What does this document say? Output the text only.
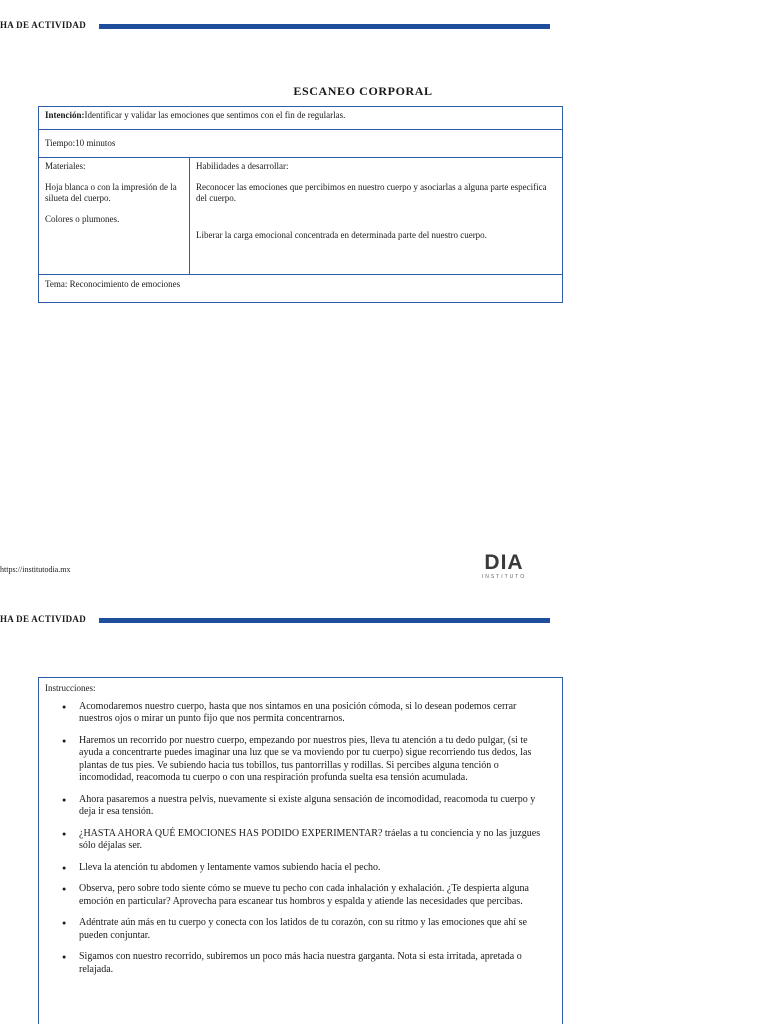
HA DE ACTIVIDAD
ESCANEO CORPORAL
Intención:Identificar y validar las emociones que sentimos con el fin de regularlas.
Tiempo:10 minutos
Materiales:

Hoja blanca o con la impresión de la silueta del cuerpo.

Colores o plumones.

Habilidades a desarrollar:

Reconocer las emociones que percibimos en nuestro cuerpo y asociarlas a alguna parte especifica del cuerpo.

Liberar la carga emocional concentrada en determinada parte del nuestro cuerpo.

Tema: Reconocimiento de emociones
https://institutodia.mx	DIA
INSTITUTO
HA DE ACTIVIDAD
Instrucciones:
● Acomodaremos nuestro cuerpo, hasta que nos sintamos en una posición cómoda, si lo desean podemos cerrar nuestros ojos o mirar un punto fijo que nos permita concentrarnos.
● Haremos un recorrido por nuestro cuerpo, empezando por nuestros pies, lleva tu atención a tu dedo pulgar, (si te ayuda a concentrarte puedes imaginar una luz que se va moviendo por tu cuerpo) sigue recorriendo tus dedos, las plantas de tus pies. Ve subiendo hacia tus tobillos, tus pantorrillas y rodillas. Si percibes alguna tención o incomodidad, reacomoda tu cuerpo o con una respiración profunda suelta esa tensión acumulada.
● Ahora pasaremos a nuestra pelvis, nuevamente si existe alguna sensación de incomodidad, reacomoda tu cuerpo y deja ir esa tensión.
● ¿HASTA AHORA QUÉ EMOCIONES HAS PODIDO EXPERIMENTAR? tráelas a tu conciencia y no las juzgues sólo déjalas ser.
● Lleva la atención tu abdomen y lentamente vamos subiendo hacia el pecho.
● Observa, pero sobre todo siente cómo se mueve tu pecho con cada inhalación y exhalación. ¿Te despierta alguna emoción en particular? Aprovecha para escanear tus hombros y espalda y atiende las necesidades que percibas.
● Adéntrate aún más en tu cuerpo y conecta con los latidos de tu corazón, con su ritmo y las emociones que ahí se pueden conjuntar.
● Sigamos con nuestro recorrido, subiremos un poco más hacia nuestra garganta. Nota si esta irritada, apretada o relajada.
